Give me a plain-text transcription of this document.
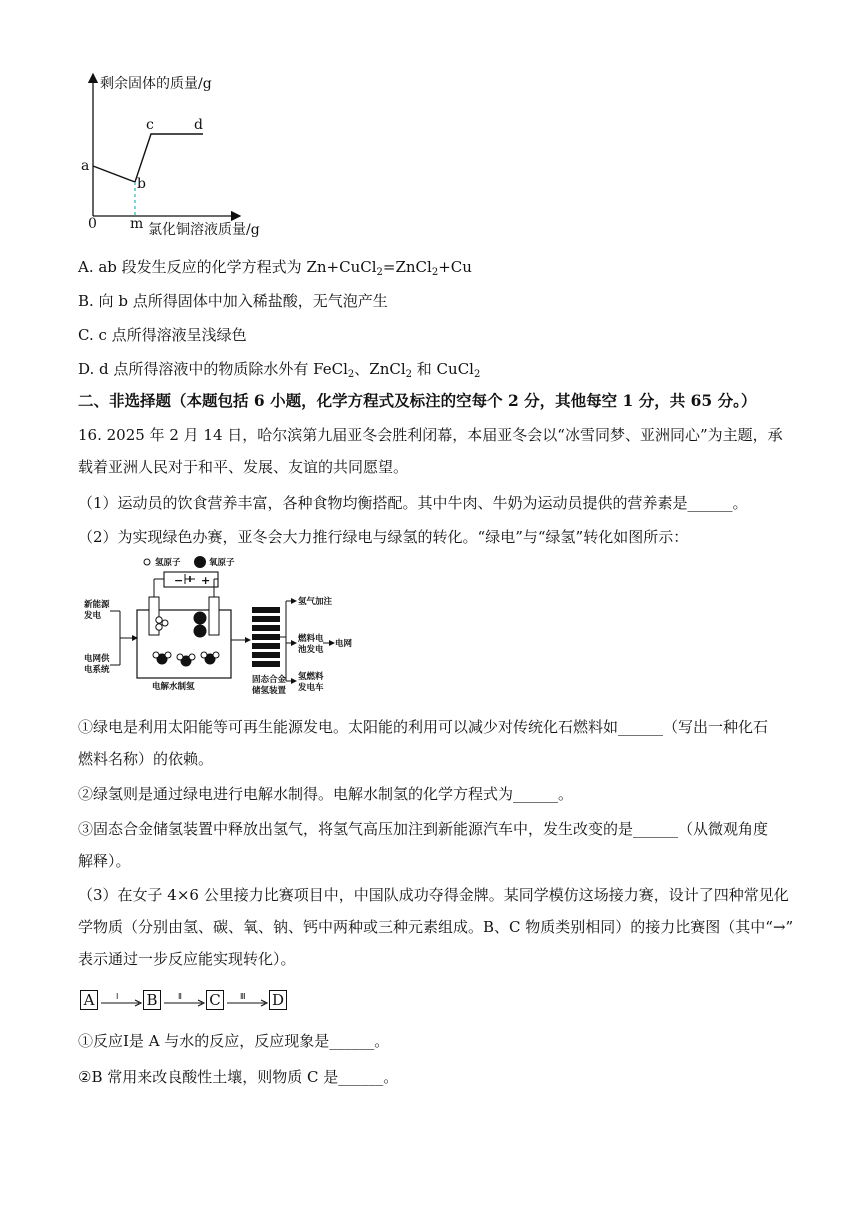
剩余固体的质量/g
氯化铜溶液质量/g
0 m
a
b
c	d
A. ab 段发生反应的化学方程式为 Zn+CuCl$_2$=ZnCl$_2$+Cu
B. 向 b 点所得固体中加入稀盐酸，无气泡产生
C. c 点所得溶液呈浅绿色
D. d 点所得溶液中的物质除水外有 FeCl$_2$、ZnCl$_2$ 和 CuCl$_2$
二、非选择题（本题包括 6 小题，化学方程式及标注的空每个 2 分，其他每空 1 分，共 65 分。）
16. 2025 年 2 月 14 日，哈尔滨第九届亚冬会胜利闭幕，本届亚冬会以“冰雪同梦、亚洲同心”为主题，承
载着亚洲人民对于和平、发展、友谊的共同愿望。
（1）运动员的饮食营养丰富，各种食物均衡搭配。其中牛肉、牛奶为运动员提供的营养素是______。
（2）为实现绿色办赛，亚冬会大力推行绿电与绿氢的转化。“绿电”与“绿氢”转化如图所示：
氢原子	氧原子
− +
电解水制氢
新能源
发电
电网供
电系统
固态合金
储氢装置
氢气加注
燃料电
池发电
电网
氢燃料
发电车
①绿电是利用太阳能等可再生能源发电。太阳能的利用可以减少对传统化石燃料如______（写出一种化石
燃料名称）的依赖。
②绿氢则是通过绿电进行电解水制得。电解水制氢的化学方程式为______。
③固态合金储氢装置中释放出氢气，将氢气高压加注到新能源汽车中，发生改变的是______（从微观角度
解释）。
（3）在女子 4×6 公里接力比赛项目中，中国队成功夺得金牌。某同学模仿这场接力赛，设计了四种常见化
学物质（分别由氢、碳、氧、钠、钙中两种或三种元素组成。B、C 物质类别相同）的接力比赛图（其中“→”
表示通过一步反应能实现转化）。
A	Ⅰ B	Ⅱ C	Ⅲ D
①反应Ⅰ是 A 与水的反应，反应现象是______。
②B 常用来改良酸性土壤，则物质 C 是______。
